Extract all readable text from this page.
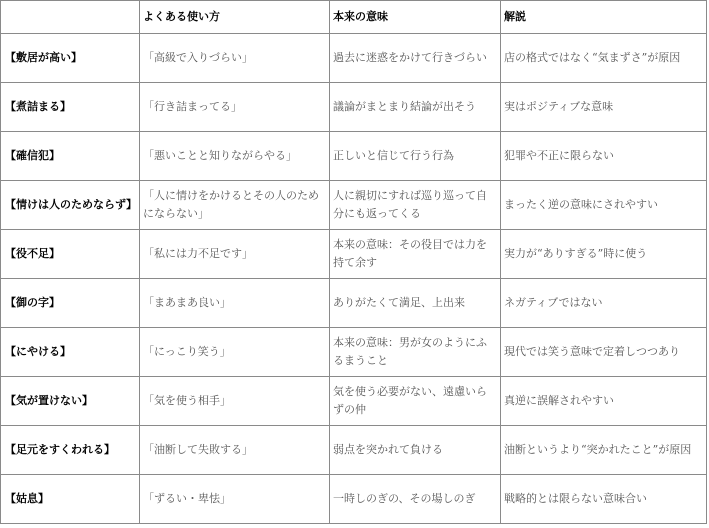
	よくある使い方	本来の意味	解説
【敷居が高い】	「高級で入りづらい」	過去に迷惑をかけて行きづらい	店の格式ではなく“気まずさ”が原因
【煮詰まる】	「行き詰まってる」	議論がまとまり結論が出そう	実はポジティブな意味
【確信犯】	「悪いことと知りながらやる」	正しいと信じて行う行為	犯罪や不正に限らない
【情けは人のためならず】	「人に情けをかけるとその人のためにならない」	人に親切にすれば巡り巡って自分にも返ってくる	まったく逆の意味にされやすい
【役不足】	「私には力不足です」	本来の意味：その役目では力を持て余す	実力が“ありすぎる”時に使う
【御の字】	「まあまあ良い」	ありがたくて満足、上出来	ネガティブではない
【にやける】	「にっこり笑う」	本来の意味：男が女のようにふるまうこと	現代では笑う意味で定着しつつあり
【気が置けない】	「気を使う相手」	気を使う必要がない、遠慮いらずの仲	真逆に誤解されやすい
【足元をすくわれる】	「油断して失敗する」	弱点を突かれて負ける	油断というより“突かれたこと”が原因
【姑息】	「ずるい・卑怯」	一時しのぎの、その場しのぎ	戦略的とは限らない意味合い
